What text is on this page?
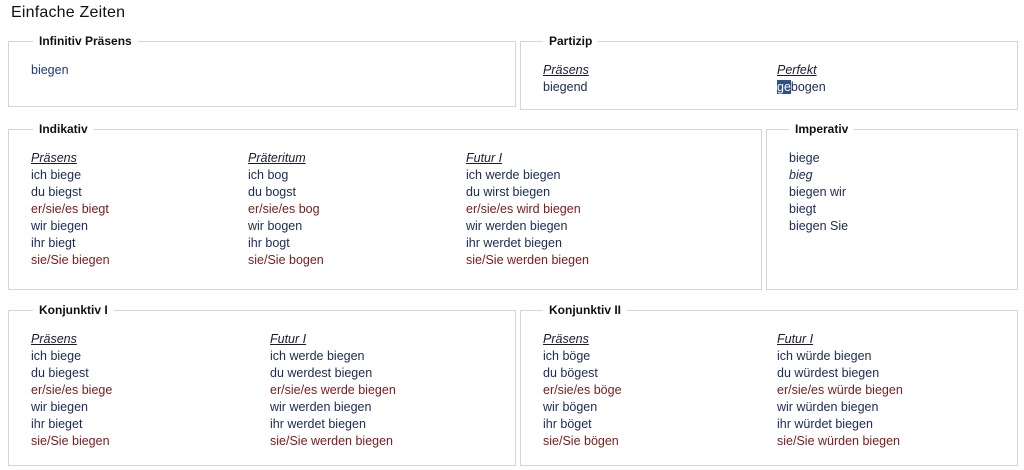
Einfache Zeiten
Infinitiv Präsens
biegen
Partizip
Präsens
biegend
Perfekt
gebogen
Indikativ
Präsens
ich biege
du biegst
er/sie/es biegt
wir biegen
ihr biegt
sie/Sie biegen
Präteritum
ich bog
du bogst
er/sie/es bog
wir bogen
ihr bogt
sie/Sie bogen
Futur I
ich werde biegen
du wirst biegen
er/sie/es wird biegen
wir werden biegen
ihr werdet biegen
sie/Sie werden biegen
Imperativ
biege
bieg
biegen wir
biegt
biegen Sie
Konjunktiv I
Präsens
ich biege
du biegest
er/sie/es biege
wir biegen
ihr bieget
sie/Sie biegen
Futur I
ich werde biegen
du werdest biegen
er/sie/es werde biegen
wir werden biegen
ihr werdet biegen
sie/Sie werden biegen
Konjunktiv II
Präsens
ich böge
du bögest
er/sie/es böge
wir bögen
ihr böget
sie/Sie bögen
Futur I
ich würde biegen
du würdest biegen
er/sie/es würde biegen
wir würden biegen
ihr würdet biegen
sie/Sie würden biegen
